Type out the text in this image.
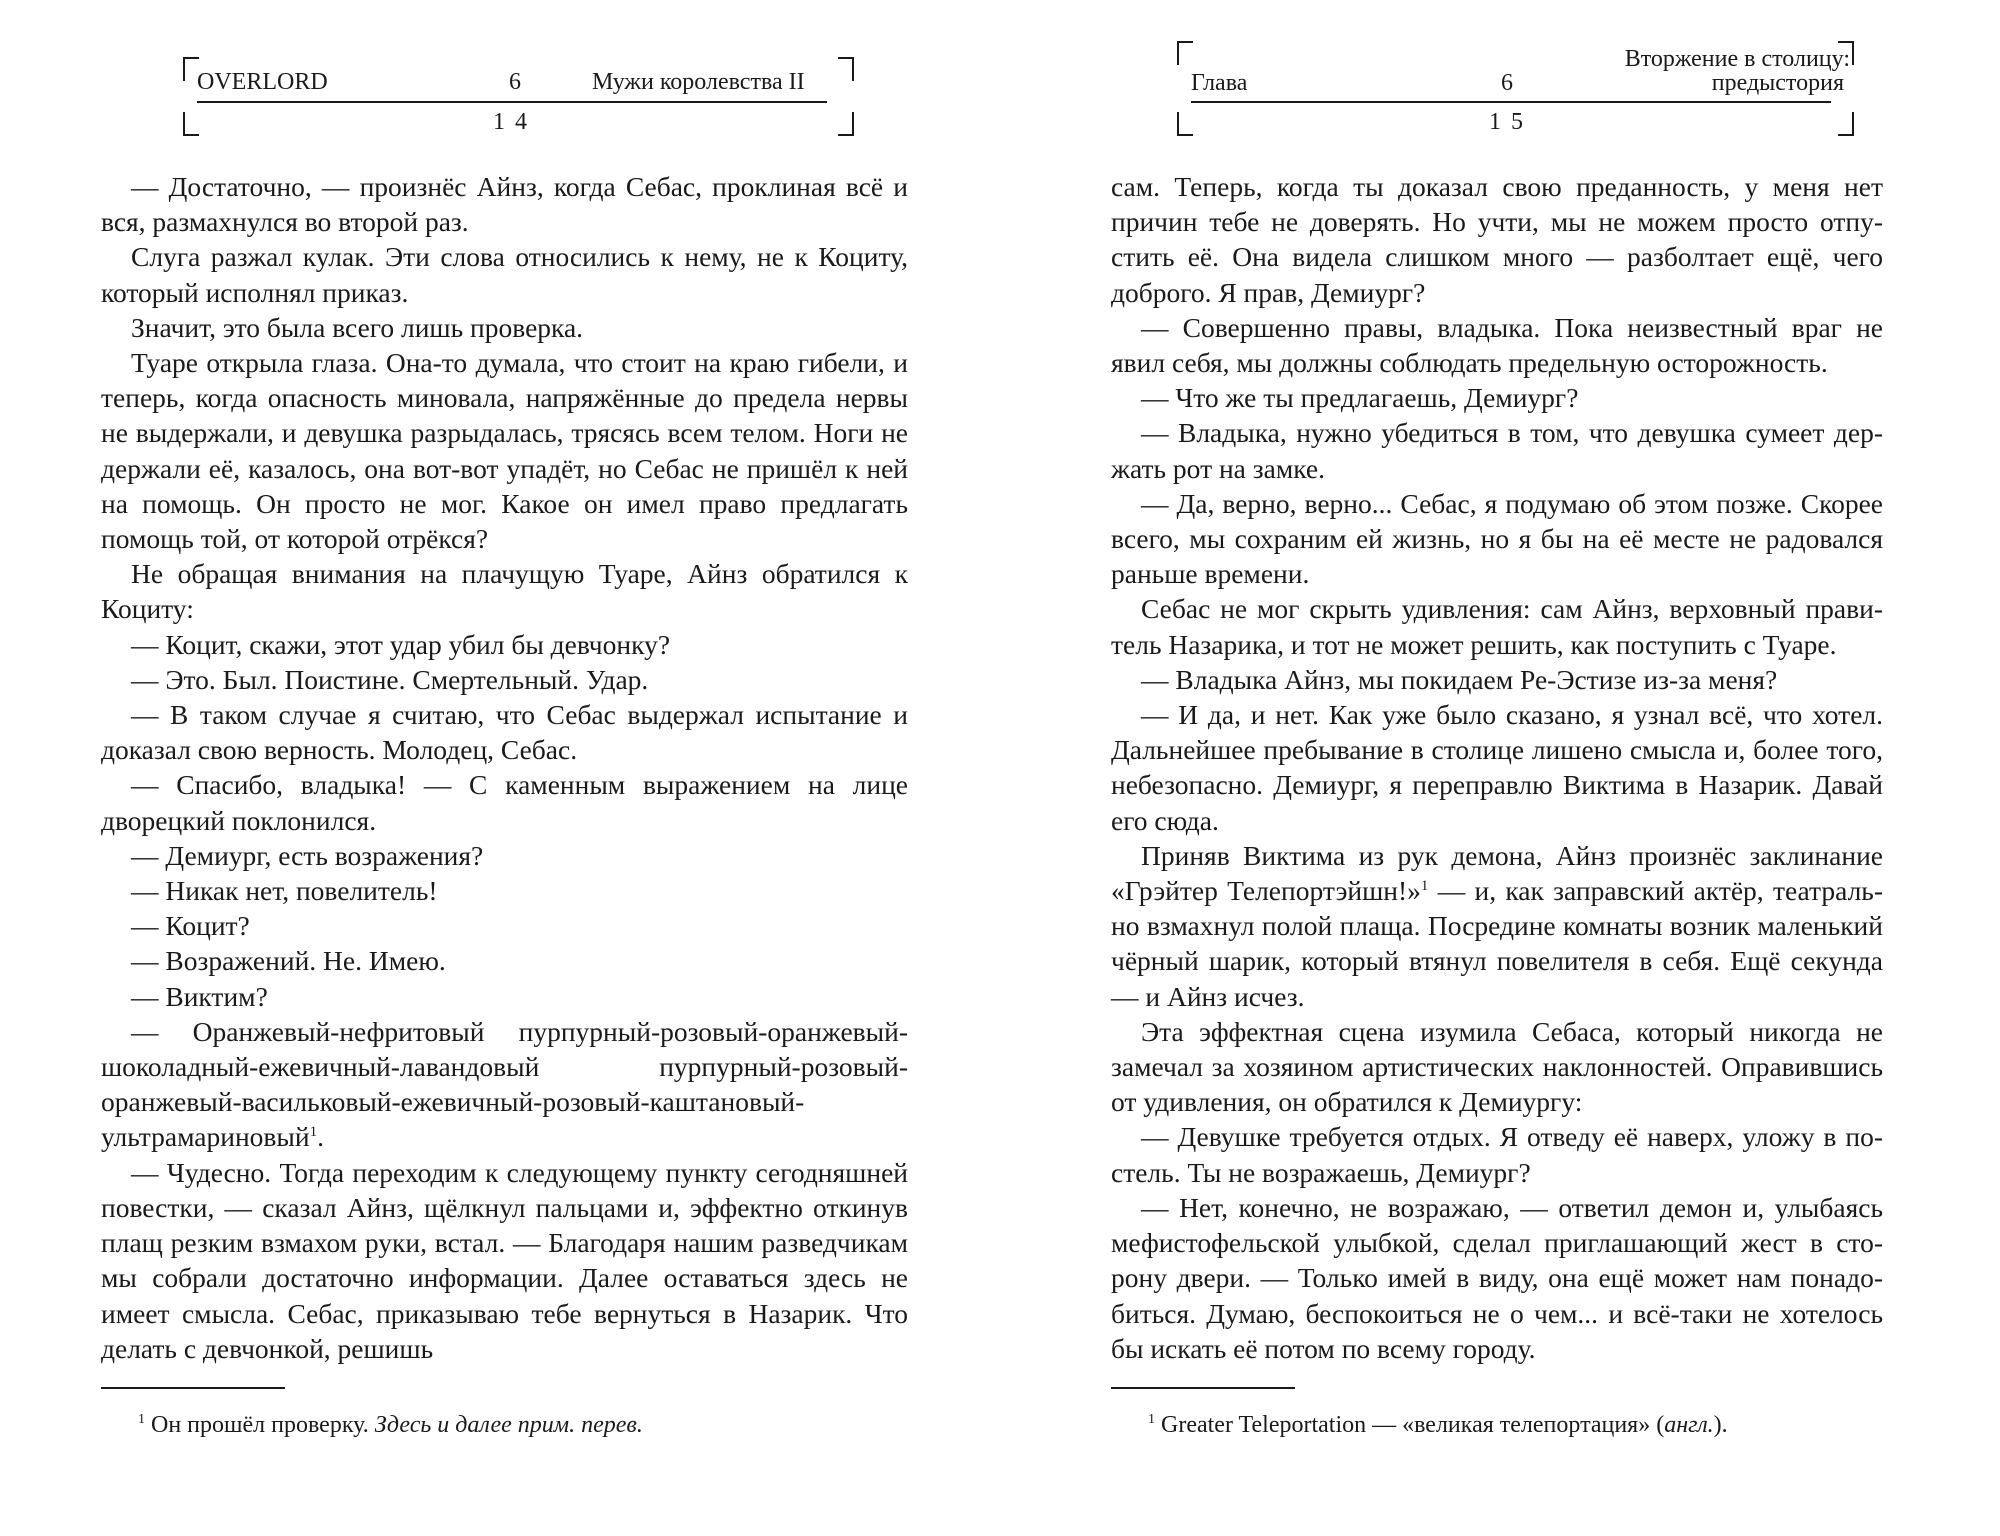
OVERLORD	6	Мужи королевства II
14

— Достаточно, — произнёс Айнз, когда Себас, проклиная всё и вся, размахнулся во второй раз.

Слуга разжал кулак. Эти слова относились к нему, не к Коциту, который исполнял приказ.

Значит, это была всего лишь проверка.

Туаре открыла глаза. Она-то думала, что стоит на краю гибели, и теперь, когда опасность миновала, напряжённые до предела нервы не выдержали, и девушка разрыдалась, трясясь всем телом. Ноги не держали её, казалось, она вот-вот упадёт, но Себас не пришёл к ней на помощь. Он просто не мог. Какое он имел право предлагать помощь той, от которой отрёкся?

Не обращая внимания на плачущую Туаре, Айнз обратился к Коциту:

— Коцит, скажи, этот удар убил бы девчонку?

— Это. Был. Поистине. Смертельный. Удар.

— В таком случае я считаю, что Себас выдержал испытание и доказал свою верность. Молодец, Себас.

— Спасибо, владыка! — С каменным выражением на лице дворецкий поклонился.

— Демиург, есть возражения?

— Никак нет, повелитель!

— Коцит?

— Возражений. Не. Имею.

— Виктим?

— Оранжевый-нефритовый пурпурный-розовый-оранжевый-шоколадный-ежевичный-лавандовый пурпурный-розовый-оранжевый-васильковый-ежевичный-розовый-каштановый-ультрамариновый$^1$.

— Чудесно. Тогда переходим к следующему пункту сегодняшней повестки, — сказал Айнз, щёлкнул пальцами и, эффектно откинув плащ резким взмахом руки, встал. — Благодаря нашим разведчикам мы собрали достаточно информации. Далее оставаться здесь не имеет смысла. Себас, приказываю тебе вернуться в Назарик. Что делать с девчонкой, решишь

$^1$ Он прошёл проверку. Здесь и далее прим. перев.
Вторжение в столицу:
Глава	6	предыстория
15

сам. Теперь, когда ты доказал свою преданность, у меня нет причин тебе не доверять. Но учти, мы не можем просто отпустить её. Она видела слишком много — разболтает ещё, чего доброго. Я прав, Демиург?

— Совершенно правы, владыка. Пока неизвестный враг не явил себя, мы должны соблюдать предельную осторожность.

— Что же ты предлагаешь, Демиург?

— Владыка, нужно убедиться в том, что девушка сумеет держать рот на замке.

— Да, верно, верно... Себас, я подумаю об этом позже. Скорее всего, мы сохраним ей жизнь, но я бы на её месте не радовался раньше времени.

Себас не мог скрыть удивления: сам Айнз, верховный правитель Назарика, и тот не может решить, как поступить с Туаре.

— Владыка Айнз, мы покидаем Ре-Эстизе из-за меня?

— И да, и нет. Как уже было сказано, я узнал всё, что хотел. Дальнейшее пребывание в столице лишено смысла и, более того, небезопасно. Демиург, я переправлю Виктима в Назарик. Давай его сюда.

Приняв Виктима из рук демона, Айнз произнёс заклинание «Грэйтер Телепортэйшн!»$^1$ — и, как заправский актёр, театрально взмахнул полой плаща. Посредине комнаты возник маленький чёрный шарик, который втянул повелителя в себя. Ещё секунда — и Айнз исчез.

Эта эффектная сцена изумила Себаса, который никогда не замечал за хозяином артистических наклонностей. Оправившись от удивления, он обратился к Демиургу:

— Девушке требуется отдых. Я отведу её наверх, уложу в постель. Ты не возражаешь, Демиург?

— Нет, конечно, не возражаю, — ответил демон и, улыбаясь мефистофельской улыбкой, сделал приглашающий жест в сторону двери. — Только имей в виду, она ещё может нам понадобиться. Думаю, беспокоиться не о чем... и всё-таки не хотелось бы искать её потом по всему городу.

$^1$ Greater Teleportation — «великая телепортация» (англ.).
